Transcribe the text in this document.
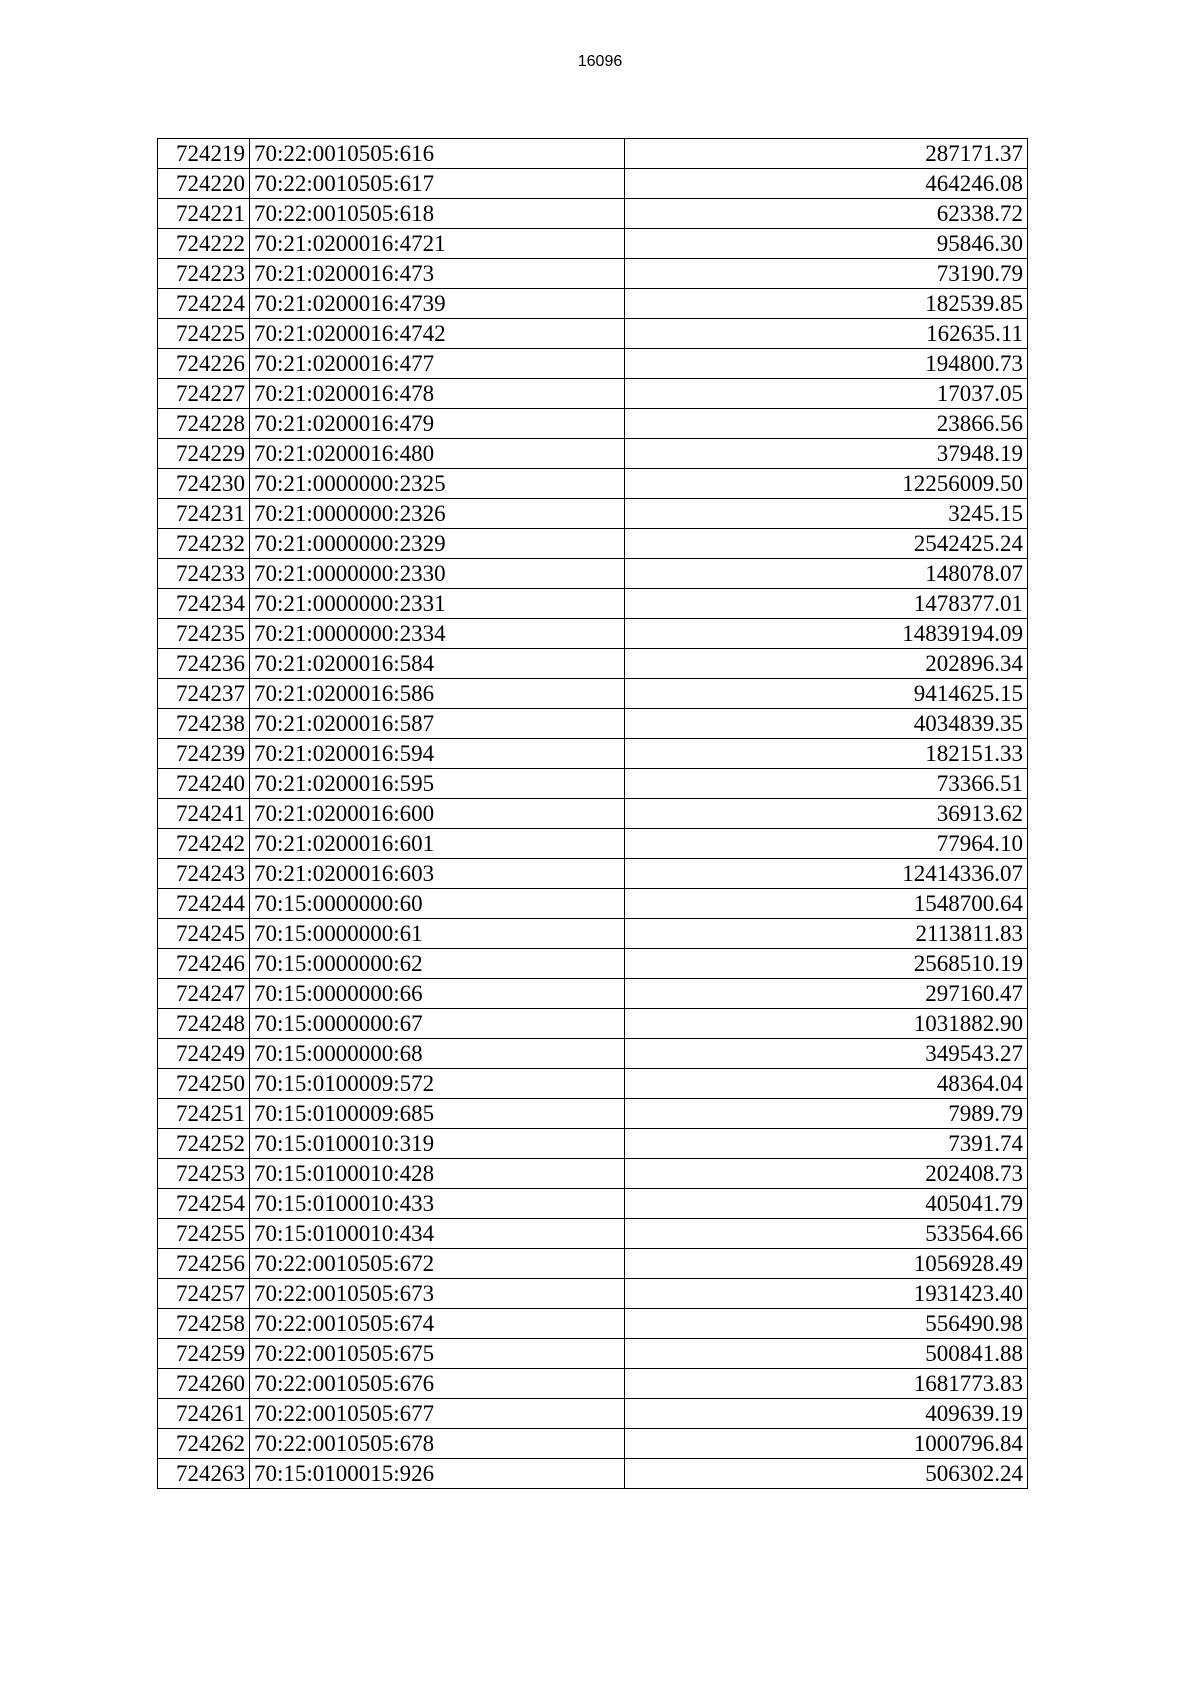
16096
724219	70:22:0010505:616	287171.37
724220	70:22:0010505:617	464246.08
724221	70:22:0010505:618	62338.72
724222	70:21:0200016:4721	95846.30
724223	70:21:0200016:473	73190.79
724224	70:21:0200016:4739	182539.85
724225	70:21:0200016:4742	162635.11
724226	70:21:0200016:477	194800.73
724227	70:21:0200016:478	17037.05
724228	70:21:0200016:479	23866.56
724229	70:21:0200016:480	37948.19
724230	70:21:0000000:2325	12256009.50
724231	70:21:0000000:2326	3245.15
724232	70:21:0000000:2329	2542425.24
724233	70:21:0000000:2330	148078.07
724234	70:21:0000000:2331	1478377.01
724235	70:21:0000000:2334	14839194.09
724236	70:21:0200016:584	202896.34
724237	70:21:0200016:586	9414625.15
724238	70:21:0200016:587	4034839.35
724239	70:21:0200016:594	182151.33
724240	70:21:0200016:595	73366.51
724241	70:21:0200016:600	36913.62
724242	70:21:0200016:601	77964.10
724243	70:21:0200016:603	12414336.07
724244	70:15:0000000:60	1548700.64
724245	70:15:0000000:61	2113811.83
724246	70:15:0000000:62	2568510.19
724247	70:15:0000000:66	297160.47
724248	70:15:0000000:67	1031882.90
724249	70:15:0000000:68	349543.27
724250	70:15:0100009:572	48364.04
724251	70:15:0100009:685	7989.79
724252	70:15:0100010:319	7391.74
724253	70:15:0100010:428	202408.73
724254	70:15:0100010:433	405041.79
724255	70:15:0100010:434	533564.66
724256	70:22:0010505:672	1056928.49
724257	70:22:0010505:673	1931423.40
724258	70:22:0010505:674	556490.98
724259	70:22:0010505:675	500841.88
724260	70:22:0010505:676	1681773.83
724261	70:22:0010505:677	409639.19
724262	70:22:0010505:678	1000796.84
724263	70:15:0100015:926	506302.24
